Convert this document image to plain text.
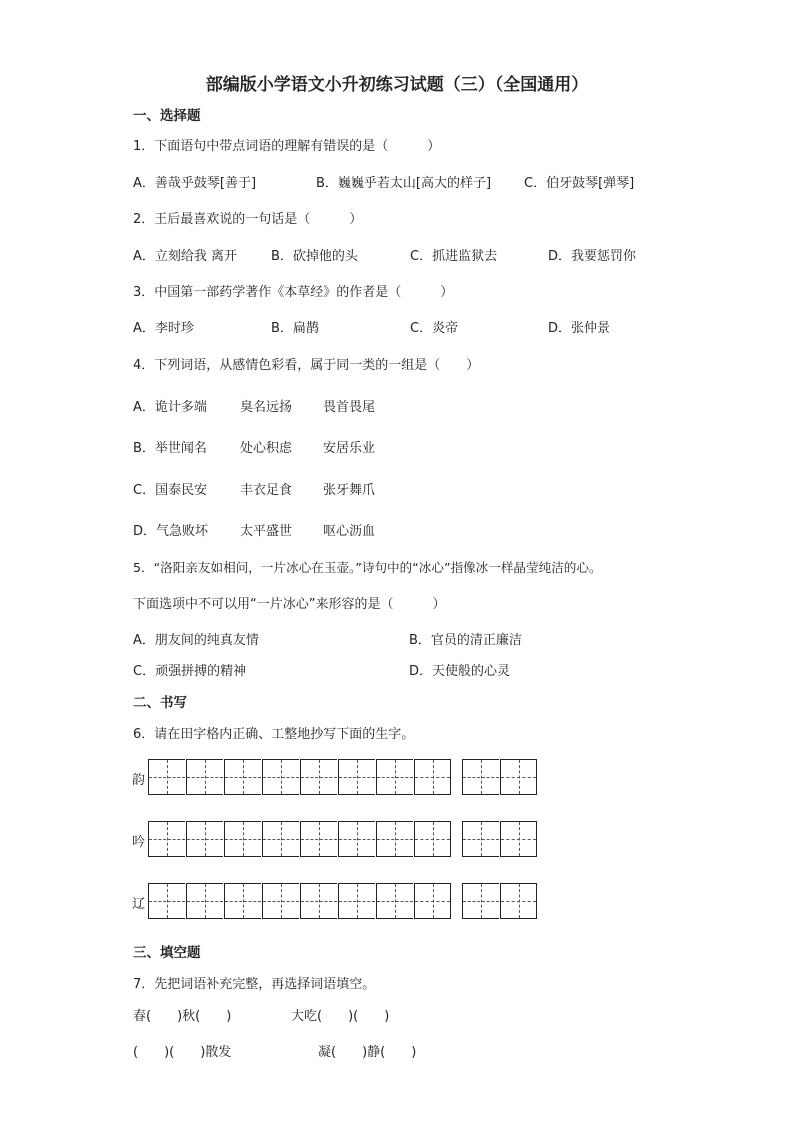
部编版小学语文小升初练习试题（三）（全国通用）
一、选择题
1．下面语句中带点词语的理解有错误的是（　　　）
A．善哉乎鼓琴[善于]	B．巍巍乎若太山[高大的样子]	C．伯牙鼓琴[弹琴]
2．王后最喜欢说的一句话是（　　　）
A．立刻给我 离开	B．砍掉他的头	C．抓进监狱去	D．我要惩罚你
3．中国第一部药学著作《本草经》的作者是（　　　）
A．李时珍	B．扁鹊	C．炎帝	D．张仲景
4．下列词语，从感情色彩看，属于同一类的一组是（　　）
A．诡计多端	臭名远扬 畏首畏尾
B．举世闻名	处心积虑 安居乐业
C．国泰民安	丰衣足食 张牙舞爪
D．气急败坏 太平盛世 呕心沥血
5．“洛阳亲友如相问，一片冰心在玉壶。”诗句中的“冰心”指像冰一样晶莹纯洁的心。
下面选项中不可以用“一片冰心”来形容的是（　　　）
A．朋友间的纯真友情	B．官员的清正廉洁
C．顽强拼搏的精神	D．天使般的心灵
二、书写
6．请在田字格内正确、工整地抄写下面的生字。
韵
吟
辽
三、填空题
7．先把词语补充完整，再选择词语填空。
春(　　)秋(　　)	大吃(　　)(　　)
(　　)(　　)散发	凝(　　)静(　　)
